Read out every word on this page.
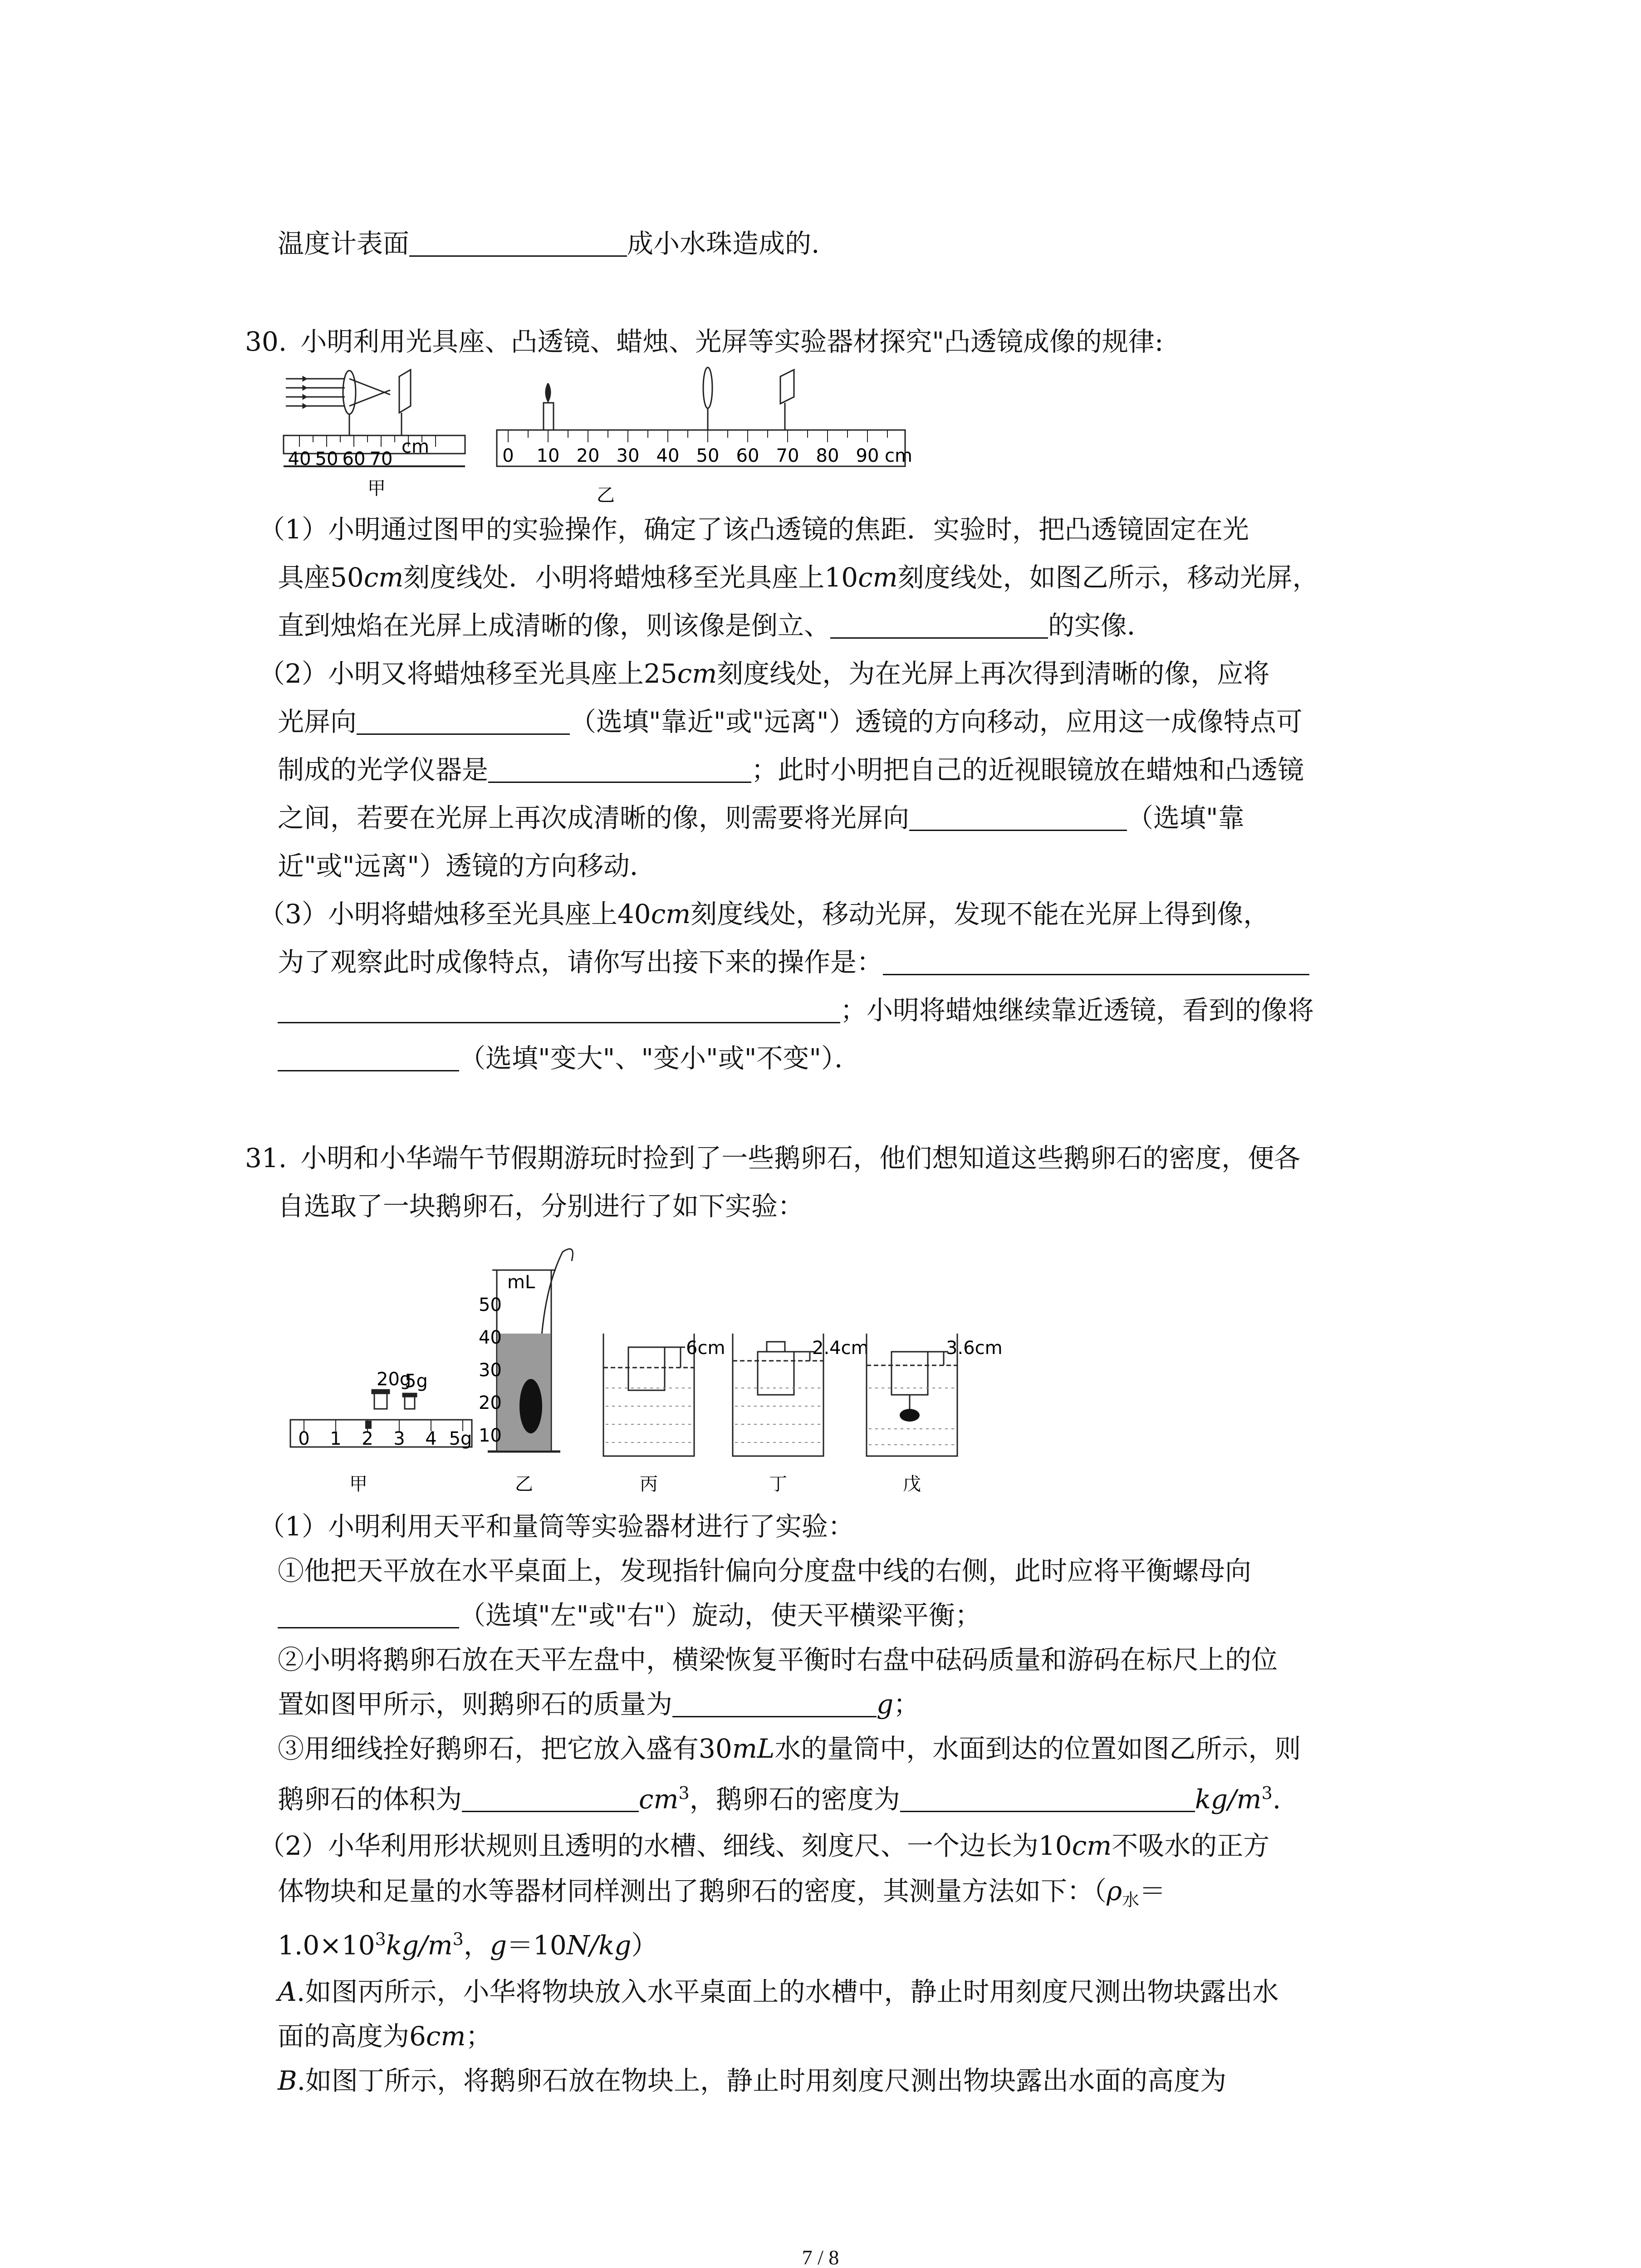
温度计表面	成小水珠造成的.
30. 小明利用光具座、凸透镜、蜡烛、光屏等实验器材探究"凸透镜成像的规律:
40 50 60 70
cm
甲
0 10 20 30 40 50 60 70 80 90 cm
乙
（1）小明通过图甲的实验操作，确定了该凸透镜的焦距．实验时，把凸透镜固定在光
具座50cm刻度线处．小明将蜡烛移至光具座上10cm刻度线处，如图乙所示，移动光屏，
直到烛焰在光屏上成清晰的像，则该像是倒立、	的实像．
（2）小明又将蜡烛移至光具座上25cm刻度线处，为在光屏上再次得到清晰的像，应将
光屏向	（选填"靠近"或"远离"）透镜的方向移动，应用这一成像特点可
制成的光学仪器是	；此时小明把自己的近视眼镜放在蜡烛和凸透镜
之间，若要在光屏上再次成清晰的像，则需要将光屏向	（选填"靠
近"或"远离"）透镜的方向移动．
（3）小明将蜡烛移至光具座上40cm刻度线处，移动光屏，发现不能在光屏上得到像，
为了观察此时成像特点，请你写出接下来的操作是：
；小明将蜡烛继续靠近透镜，看到的像将
（选填"变大"、"变小"或"不变"）．
31. 小明和小华端午节假期游玩时捡到了一些鹅卵石，他们想知道这些鹅卵石的密度，便各
自选取了一块鹅卵石，分别进行了如下实验：
20g
5g
0 1 2 3 4 5g
甲
mL
50
40
30
20
10
乙
6cm
丙
2.4cm
丁
3.6cm
戊
（1）小明利用天平和量筒等实验器材进行了实验：
①他把天平放在水平桌面上，发现指针偏向分度盘中线的右侧，此时应将平衡螺母向
（选填"左"或"右"）旋动，使天平横梁平衡；
②小明将鹅卵石放在天平左盘中，横梁恢复平衡时右盘中砝码质量和游码在标尺上的位
置如图甲所示，则鹅卵石的质量为	g；
③用细线拴好鹅卵石，把它放入盛有30mL水的量筒中，水面到达的位置如图乙所示，则
鹅卵石的体积为	$cm^3$，鹅卵石的密度为	$kg/m^3$.
（2）小华利用形状规则且透明的水槽、细线、刻度尺、一个边长为10cm不吸水的正方
体物块和足量的水等器材同样测出了鹅卵石的密度，其测量方法如下：（$\rho_水=$
$1.0\times 10^3kg/m^3$，g＝10N/kg）
A.如图丙所示，小华将物块放入水平桌面上的水槽中，静止时用刻度尺测出物块露出水
面的高度为6cm；
B.如图丁所示，将鹅卵石放在物块上，静止时用刻度尺测出物块露出水面的高度为
7 / 8
